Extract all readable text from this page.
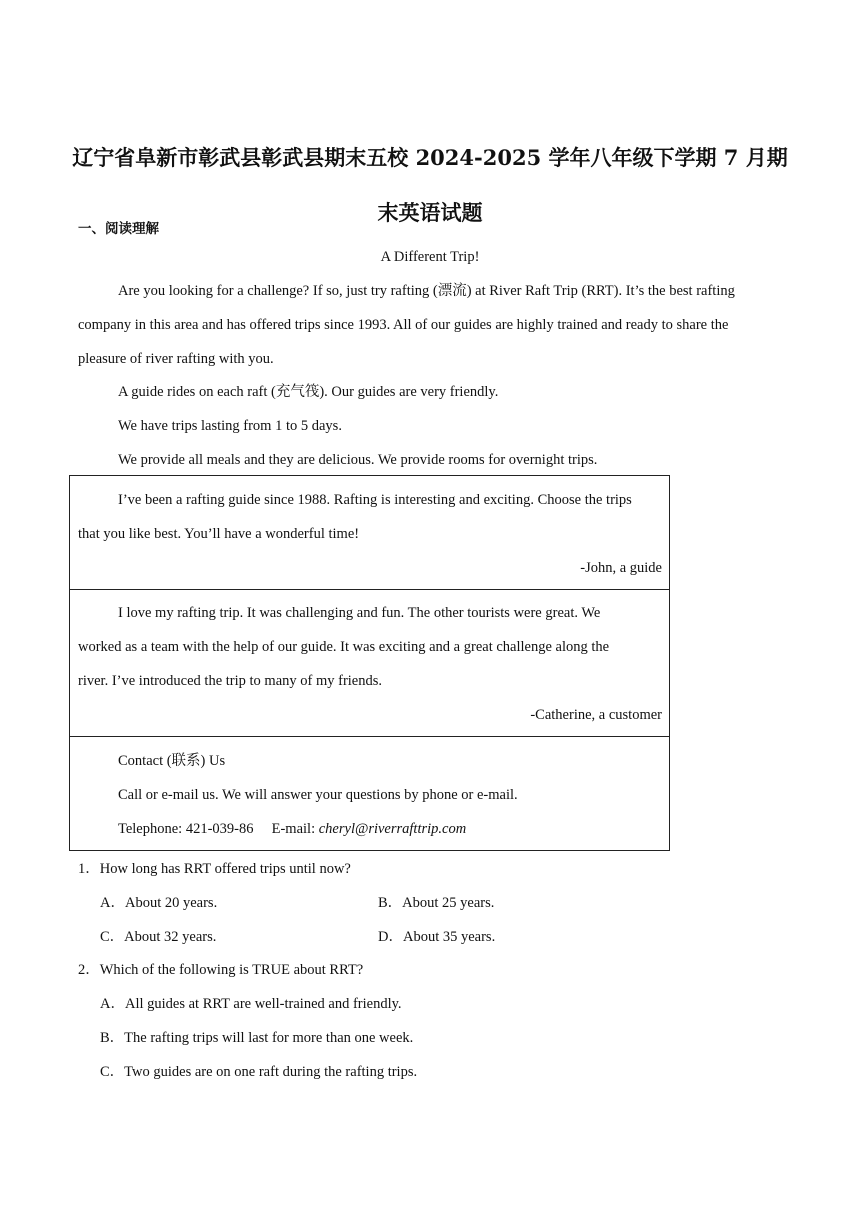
辽宁省阜新市彰武县彰武县期末五校 2024-2025 学年八年级下学期 7 月期
末英语试题
一、阅读理解
A Different Trip!
Are you looking for a challenge? If so, just try rafting (漂流) at River Raft Trip (RRT). It’s the best rafting
company in this area and has offered trips since 1993. All of our guides are highly trained and ready to share the
pleasure of river rafting with you.
A guide rides on each raft (充气筏). Our guides are very friendly.
We have trips lasting from 1 to 5 days.
We provide all meals and they are delicious. We provide rooms for overnight trips.
I’ve been a rafting guide since 1988. Rafting is interesting and exciting. Choose the trips
that you like best. You’ll have a wonderful time!
-John, a guide
I love my rafting trip. It was challenging and fun. The other tourists were great. We
worked as a team with the help of our guide. It was exciting and a great challenge along the
river. I’ve introduced the trip to many of my friends.
-Catherine, a customer
Contact (联系) Us
Call or e-mail us. We will answer your questions by phone or e-mail.
Telephone: 421-039-86 E-mail: cheryl@riverrafttrip.com
1．How long has RRT offered trips until now?
A．About 20 years.	B．About 25 years.
C．About 32 years.	D．About 35 years.
2．Which of the following is TRUE about RRT?
A．All guides at RRT are well-trained and friendly.
B．The rafting trips will last for more than one week.
C．Two guides are on one raft during the rafting trips.
